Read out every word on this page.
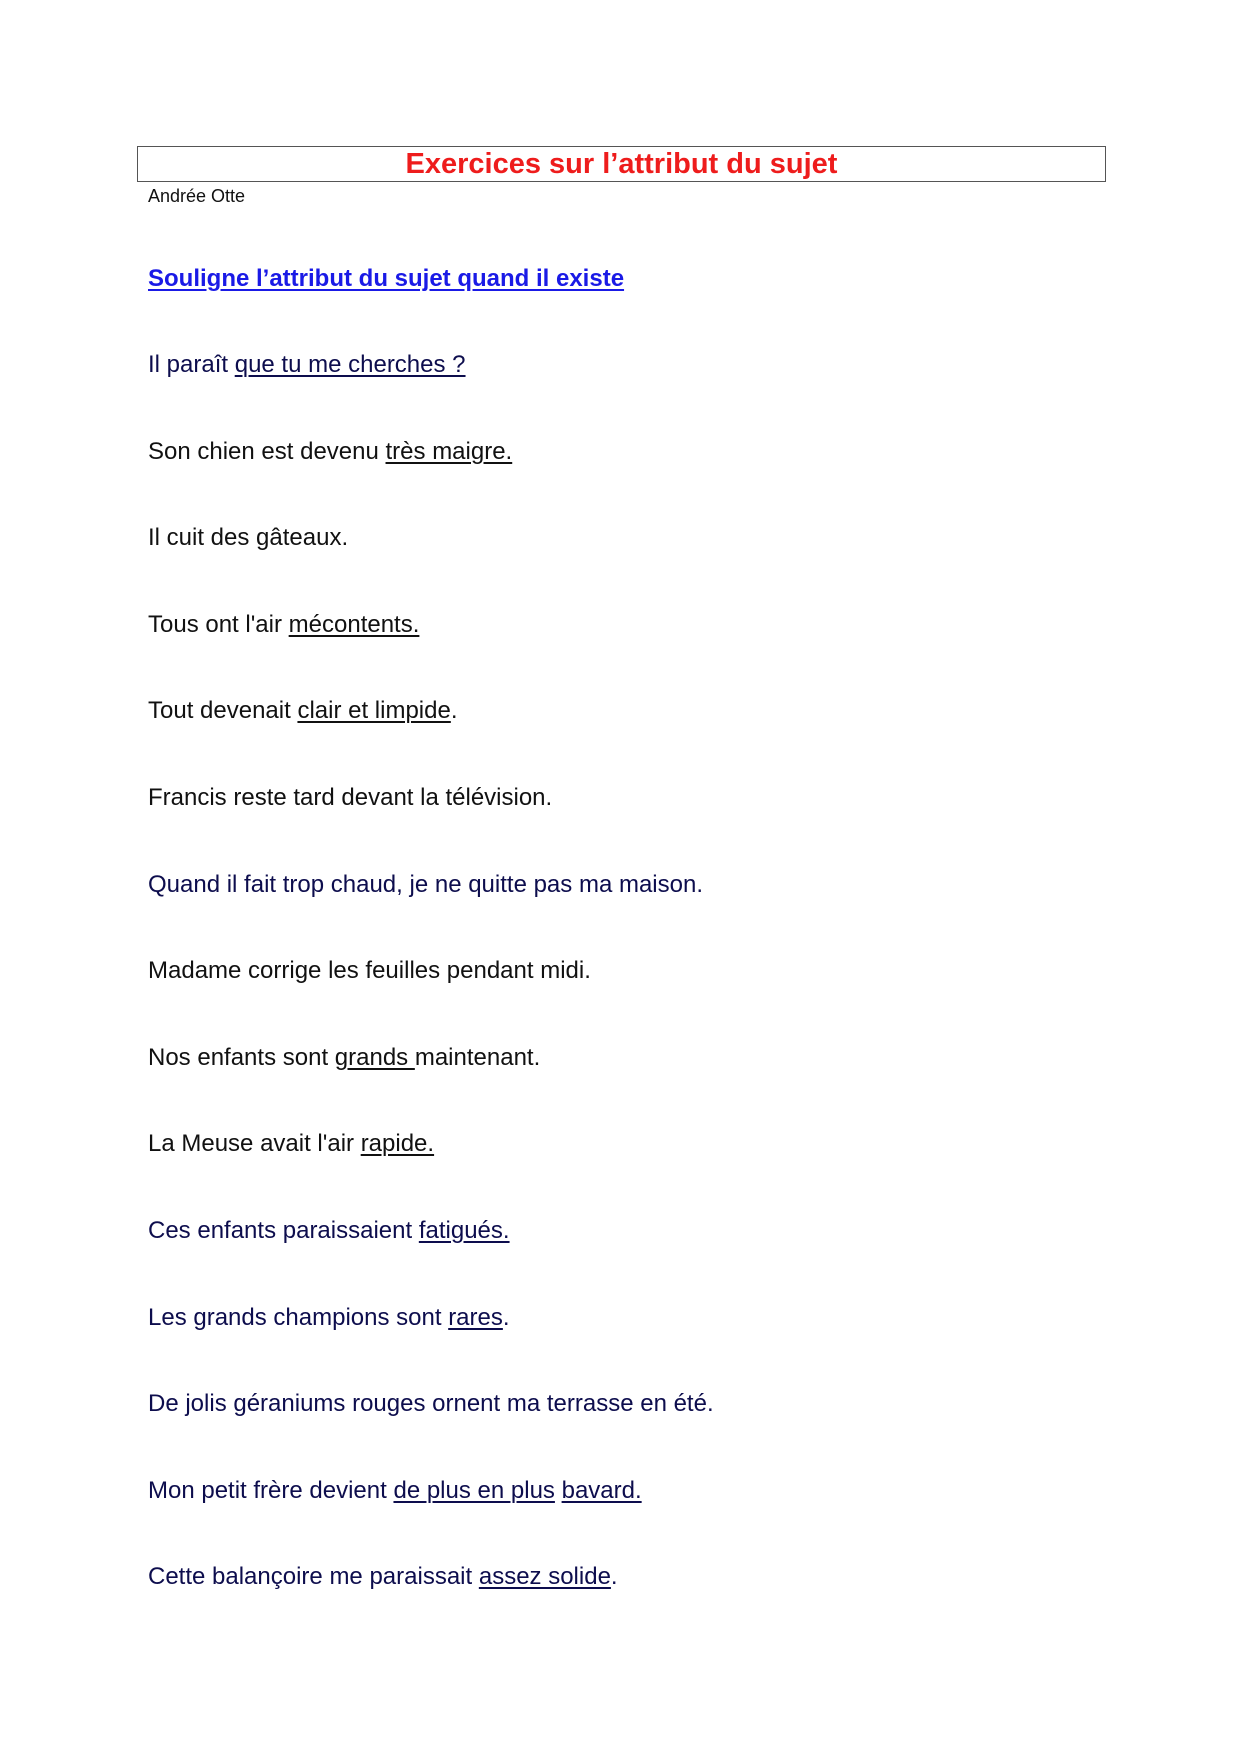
Exercices sur l’attribut du sujet
Andrée Otte
Souligne l’attribut du sujet quand il existe
Il paraît que tu me cherches ?
Son chien est devenu très maigre.
Il cuit des gâteaux.
Tous ont l'air mécontents.
Tout devenait clair et limpide.
Francis reste tard devant la télévision.
Quand il fait trop chaud, je ne quitte pas ma maison.
Madame corrige les feuilles pendant midi.
Nos enfants sont grands maintenant.
La Meuse avait l'air rapide.
Ces enfants paraissaient fatigués.
Les grands champions sont rares.
De jolis géraniums rouges ornent ma terrasse en été.
Mon petit frère devient de plus en plus bavard.
Cette balançoire me paraissait assez solide.
